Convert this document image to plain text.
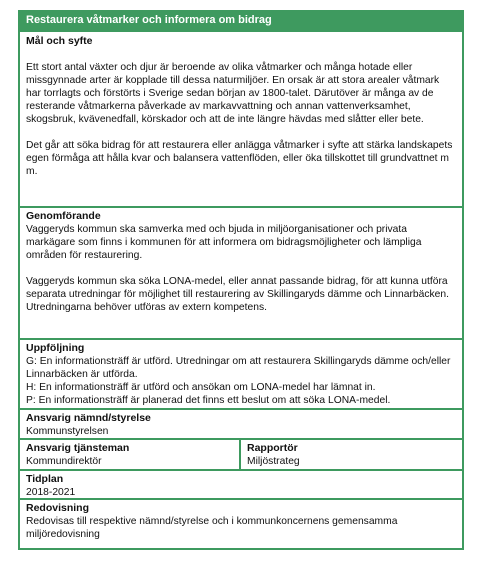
Restaurera våtmarker och informera om bidrag
Mål och syfte

Ett stort antal växter och djur är beroende av olika våtmarker och många hotade eller missgynnade arter är kopplade till dessa naturmiljöer. En orsak är att stora arealer våtmark har torrlagts och förstörts i Sverige sedan början av 1800-talet. Därutöver är många av de resterande våtmarkerna påverkade av markavvattning och annan vattenverksamhet, skogsbruk, kvävenedfall, körskador och att de inte längre hävdas med slåtter eller bete.

Det går att söka bidrag för att restaurera eller anlägga våtmarker i syfte att stärka landskapets egen förmåga att hålla kvar och balansera vattenflöden, eller öka tillskottet till grundvattnet m m.

Genomförande

Vaggeryds kommun ska samverka med och bjuda in miljöorganisationer och privata markägare som finns i kommunen för att informera om bidragsmöjligheter och lämpliga områden för restaurering.

Vaggeryds kommun ska söka LONA-medel, eller annat passande bidrag, för att kunna utföra separata utredningar för möjlighet till restaurering av Skillingaryds dämme och Linnarbäcken. Utredningarna behöver utföras av extern kompetens.

Uppföljning

G: En informationsträff är utförd. Utredningar om att restaurera Skillingaryds dämme och/eller Linnarbäcken är utförda.

H: En informationsträff är utförd och ansökan om LONA-medel har lämnat in.

P: En informationsträff är planerad det finns ett beslut om att söka LONA-medel.

Ansvarig nämnd/styrelse
Kommunstyrelsen
Ansvarig tjänsteman
Kommundirektör
Rapportör
Miljöstrateg
Tidplan
2018-2021
Redovisning
Redovisas till respektive nämnd/styrelse och i kommunkoncernens gemensamma miljöredovisning
